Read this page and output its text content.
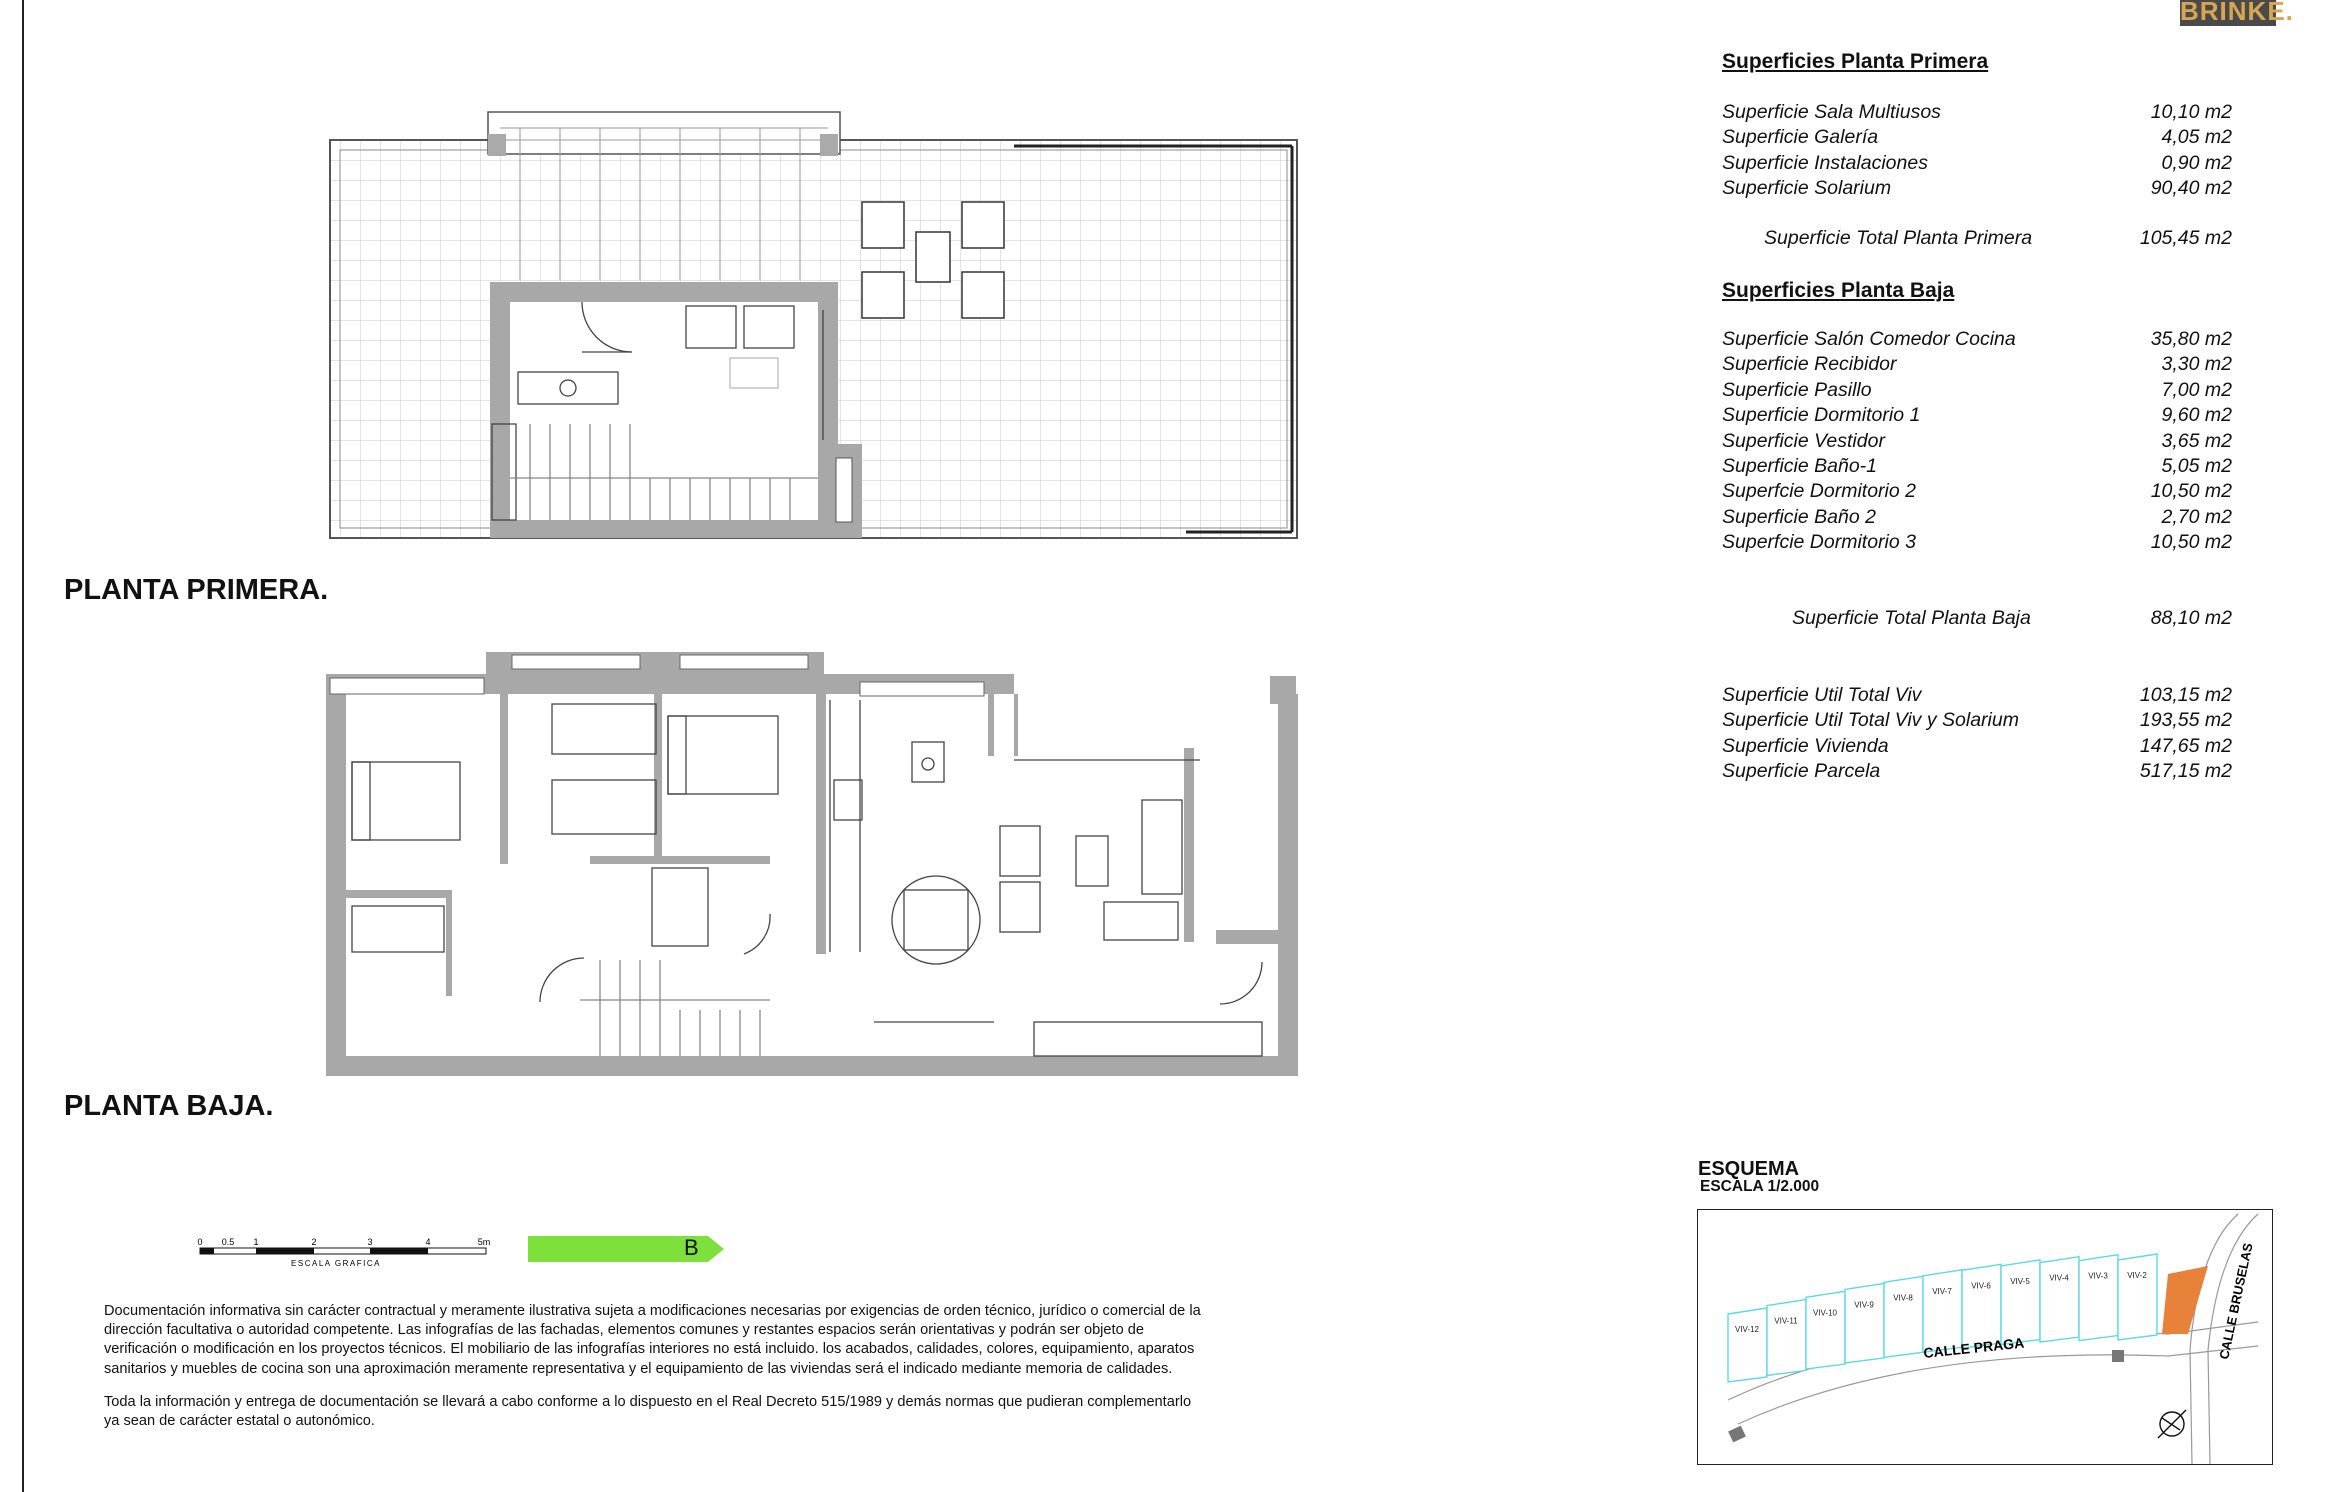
BRINKE.
PLANTA PRIMERA.
PLANTA BAJA.
Superficies Planta Primera
Superficie Sala Multiusos	10,10 m2
Superficie Galería	4,05 m2
Superficie Instalaciones	0,90 m2
Superficie Solarium	90,40 m2
Superficie Total Planta Primera	105,45 m2
Superficies Planta Baja
Superficie Salón Comedor Cocina	35,80 m2
Superficie Recibidor	3,30 m2
Superficie Pasillo	7,00 m2
Superficie Dormitorio 1	9,60 m2
Superficie Vestidor	3,65 m2
Superficie Baño-1	5,05 m2
Superfcie Dormitorio 2	10,50 m2
Superficie Baño 2	2,70 m2
Superfcie Dormitorio 3	10,50 m2
Superficie Total Planta Baja	88,10 m2
Superficie Util Total Viv	103,15 m2
Superficie Util Total Viv y Solarium	193,55 m2
Superficie Vivienda	147,65 m2
Superficie Parcela	517,15 m2
0 0.5 1	2	3	4	5m
ESCALA GRAFICA
B

Documentación informativa sin carácter contractual y meramente ilustrativa sujeta a modificaciones necesarias por exigencias de orden técnico, jurídico o comercial de la dirección facultativa o autoridad competente. Las infografías de las fachadas, elementos comunes y restantes espacios serán orientativas y podrán ser objeto de verificación o modificación en los proyectos técnicos. El mobiliario de las infografías interiores no está incluido. los acabados, calidades, colores, equipamiento, aparatos sanitarios y muebles de cocina son una aproximación meramente representativa y el equipamiento de las viviendas será el indicado mediante memoria de calidades.

Toda la información y entrega de documentación se llevará a cabo conforme a lo dispuesto en el Real Decreto 515/1989 y demás normas que pudieran complementarlo ya sean de carácter estatal o autonómico.

ESQUEMA
ESCALA 1/2.000
VIV-12
VIV-11
VIV-10
VIV-9
VIV-8
VIV-7
VIV-6 VIV-5 VIV-4 VIV-3 VIV-2
CALLE PRAGA	CALLE BRUSELAS
